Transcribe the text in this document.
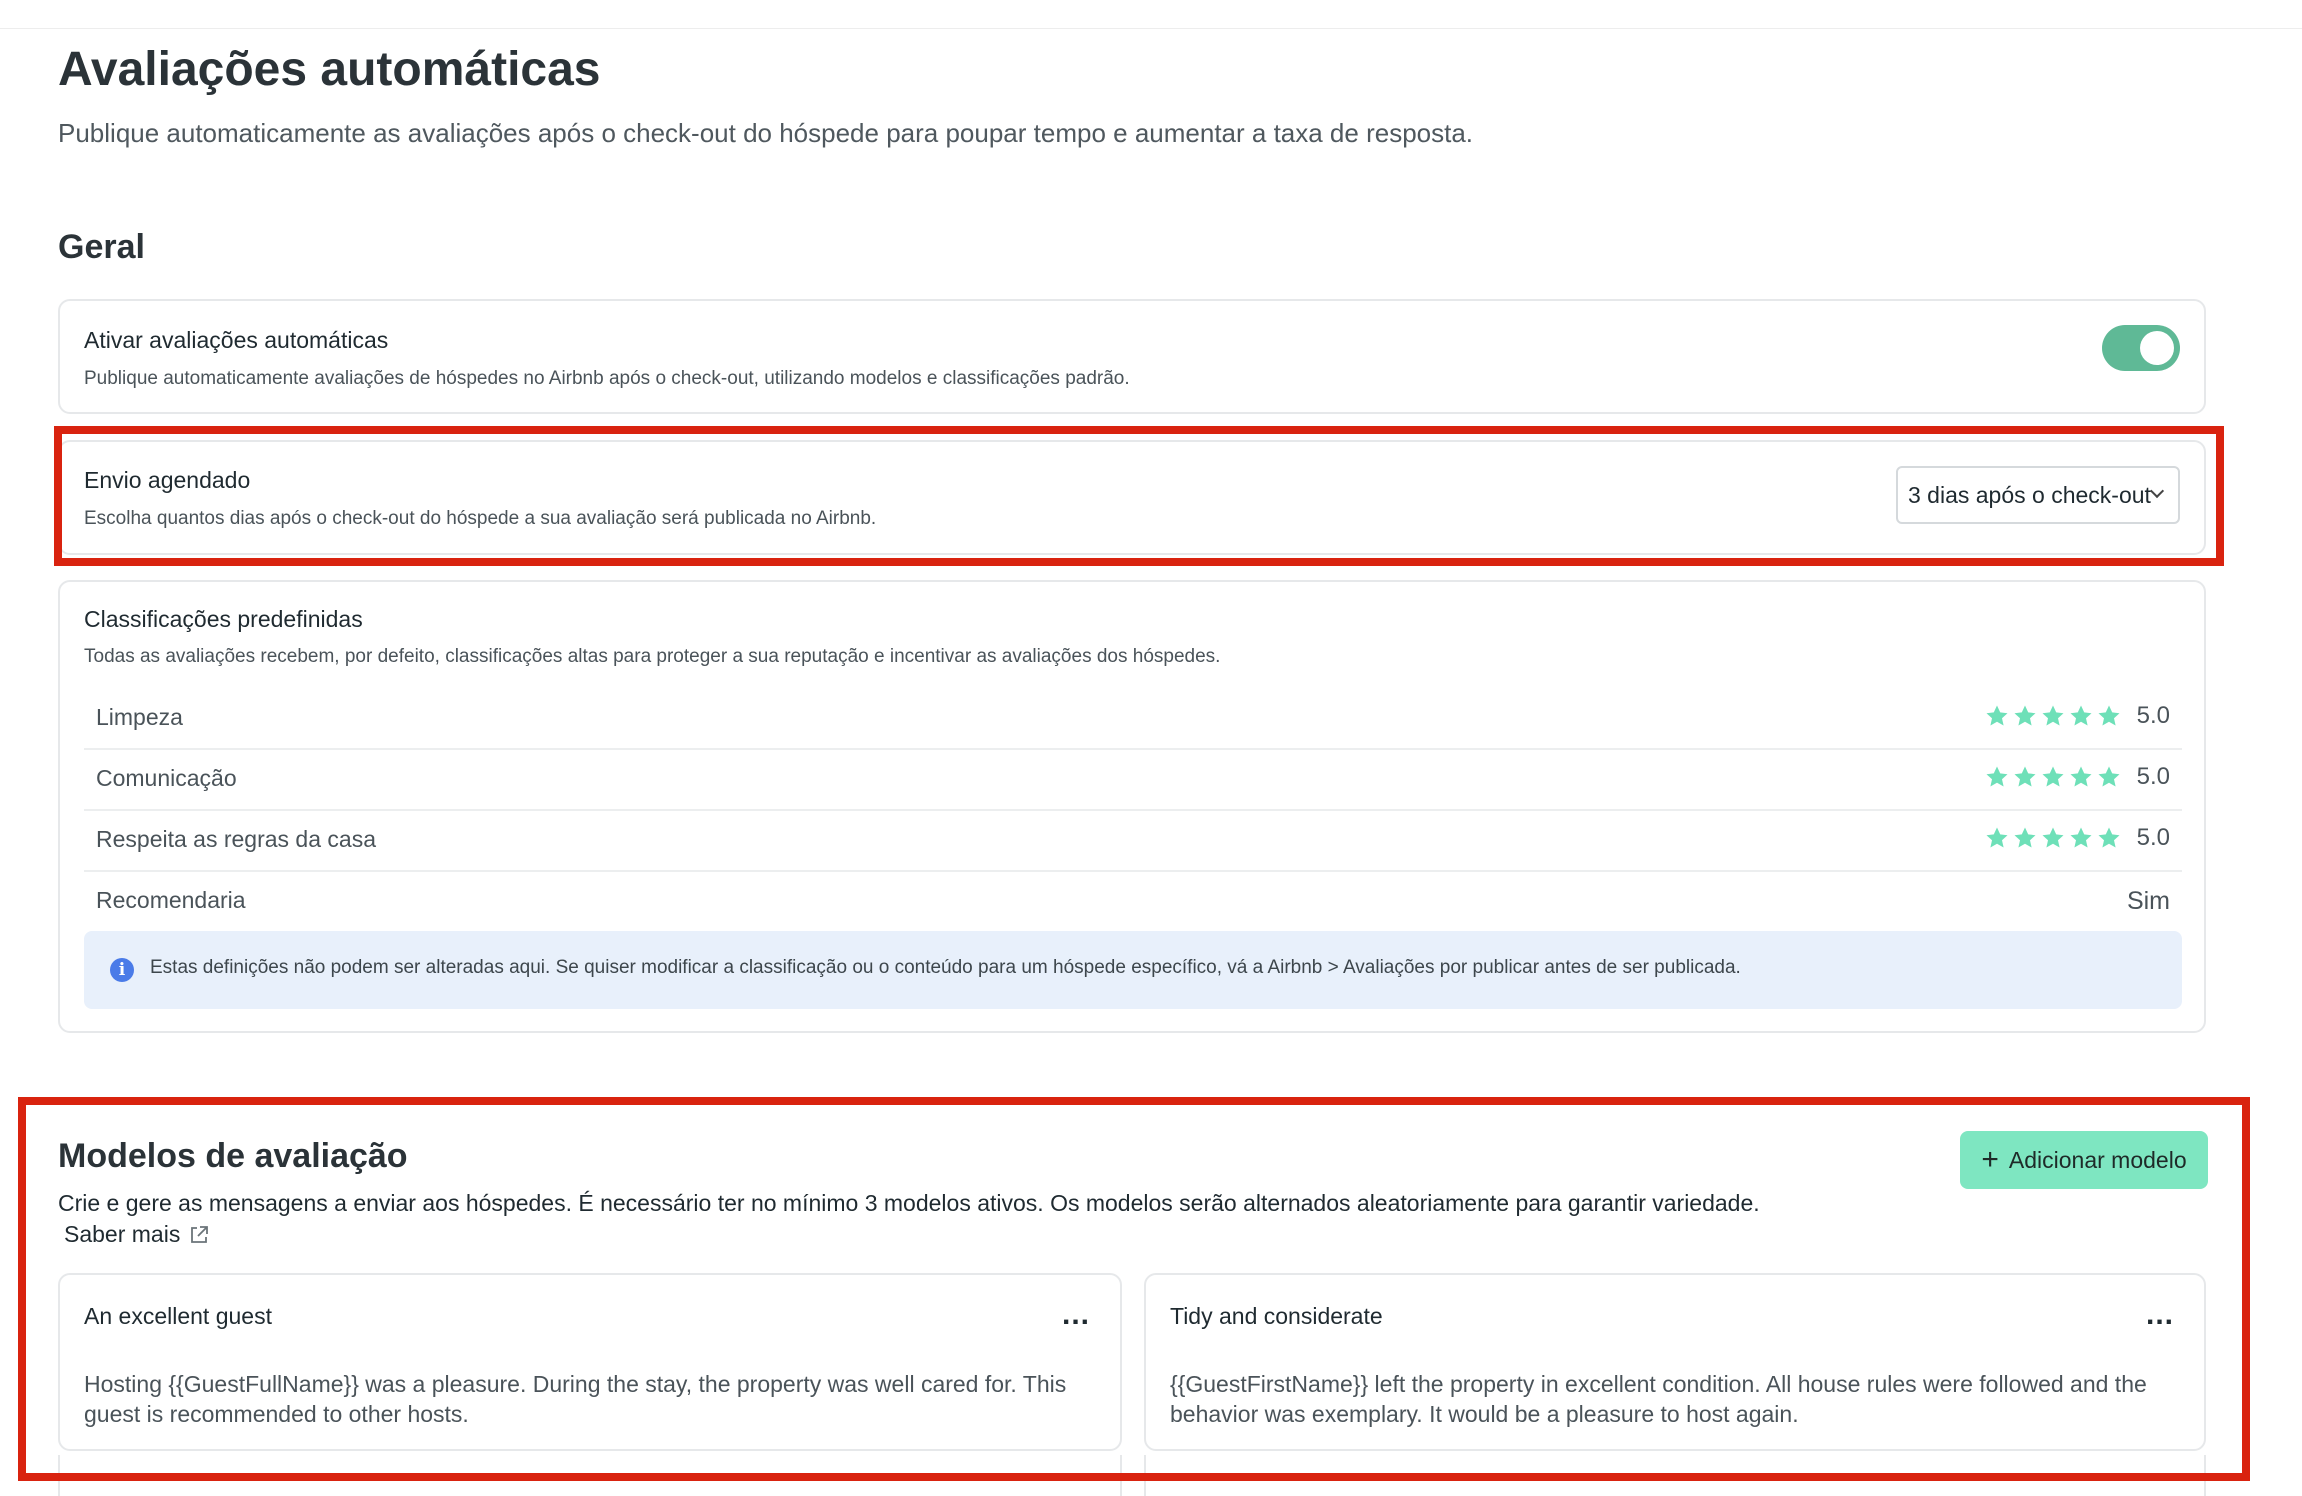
Avaliações automáticas
Publique automaticamente as avaliações após o check-out do hóspede para poupar tempo e aumentar a taxa de resposta.
Geral
Ativar avaliações automáticas
Publique automaticamente avaliações de hóspedes no Airbnb após o check-out, utilizando modelos e classificações padrão.
Envio agendado
Escolha quantos dias após o check-out do hóspede a sua avaliação será publicada no Airbnb.
3 dias após o check-out
Classificações predefinidas
Todas as avaliações recebem, por defeito, classificações altas para proteger a sua reputação e incentivar as avaliações dos hóspedes.
Limpeza	5.0
Comunicação	5.0
Respeita as regras da casa	5.0
Recomendaria	Sim
i	Estas definições não podem ser alteradas aqui. Se quiser modificar a classificação ou o conteúdo para um hóspede específico, vá a Airbnb > Avaliações por publicar antes de ser publicada.
Modelos de avaliação	+ Adicionar modelo
Crie e gere as mensagens a enviar aos hóspedes. É necessário ter no mínimo 3 modelos ativos. Os modelos serão alternados aleatoriamente para garantir variedade.
Saber mais
An excellent guest	...
Hosting {{GuestFullName}} was a pleasure. During the stay, the property was well cared for. This guest is recommended to other hosts.
Tidy and considerate	...
{{GuestFirstName}} left the property in excellent condition. All house rules were followed and the behavior was exemplary. It would be a pleasure to host again.
